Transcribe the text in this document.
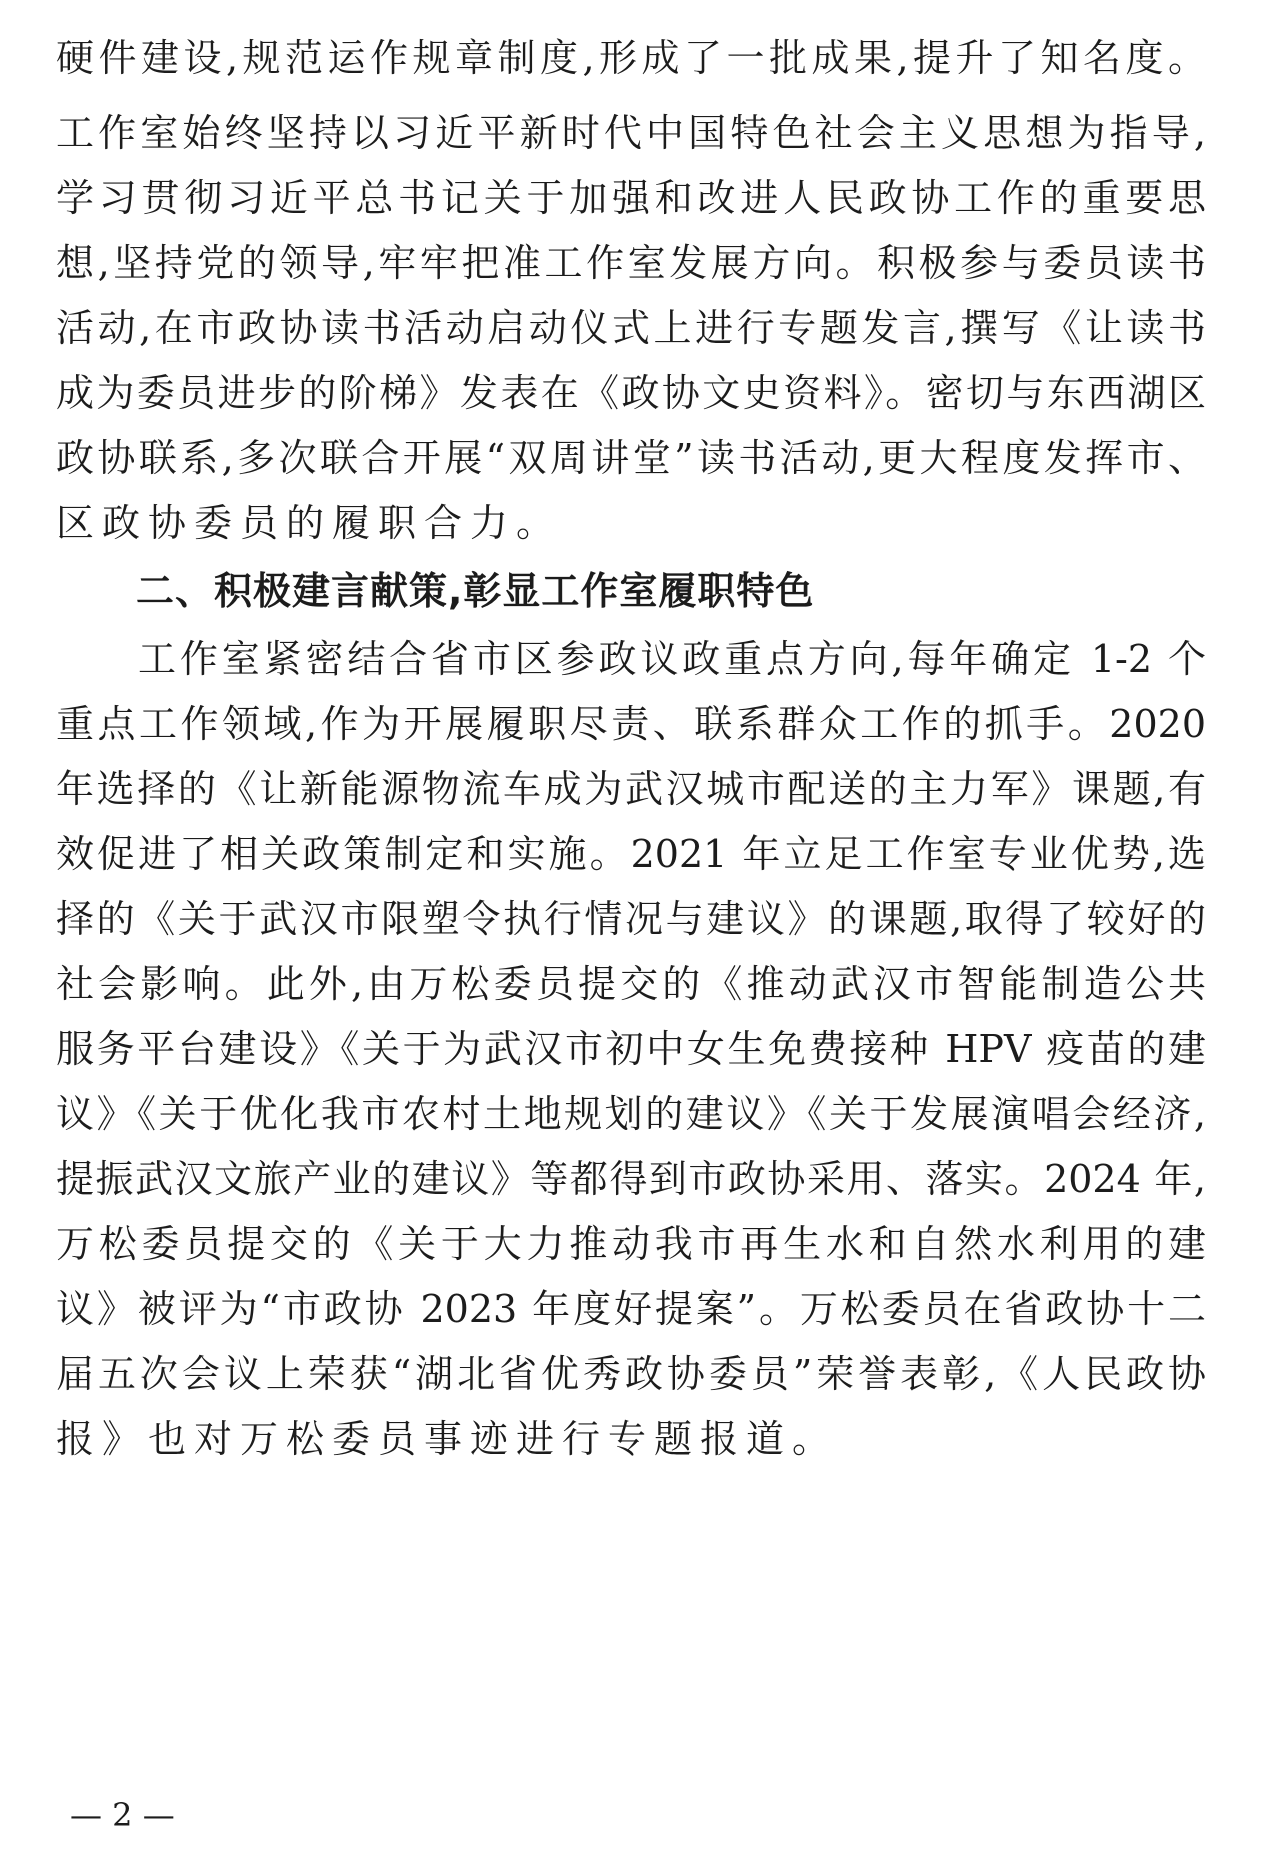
硬件建设,规范运作规章制度,形成了一批成果,提升了知名度。
工作室始终坚持以习近平新时代中国特色社会主义思想为指导,
学习贯彻习近平总书记关于加强和改进人民政协工作的重要思
想,坚持党的领导,牢牢把准工作室发展方向。积极参与委员读书
活动,在市政协读书活动启动仪式上进行专题发言,撰写《让读书
成为委员进步的阶梯》发表在《政协文史资料》。密切与东西湖区
政协联系,多次联合开展“双周讲堂”读书活动,更大程度发挥市、
区政协委员的履职合力。
二、积极建言献策,彰显工作室履职特色
工作室紧密结合省市区参政议政重点方向,每年确定 1-2 个
重点工作领域,作为开展履职尽责、联系群众工作的抓手。2020
年选择的《让新能源物流车成为武汉城市配送的主力军》课题,有
效促进了相关政策制定和实施。2021 年立足工作室专业优势,选
择的《关于武汉市限塑令执行情况与建议》的课题,取得了较好的
社会影响。此外,由万松委员提交的《推动武汉市智能制造公共
服务平台建设》《关于为武汉市初中女生免费接种 HPV 疫苗的建
议》《关于优化我市农村土地规划的建议》《关于发展演唱会经济,
提振武汉文旅产业的建议》等都得到市政协采用、落实。2024 年,
万松委员提交的《关于大力推动我市再生水和自然水利用的建
议》被评为“市政协 2023 年度好提案”。万松委员在省政协十二
届五次会议上荣获“湖北省优秀政协委员”荣誉表彰,《人民政协
报》也对万松委员事迹进行专题报道。
— 2 —
